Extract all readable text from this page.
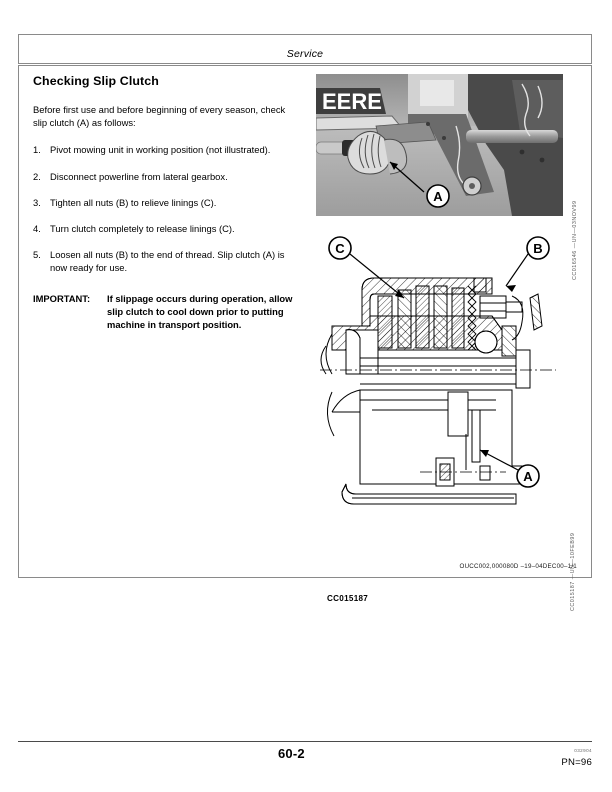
Service
Checking Slip Clutch

Before first use and before beginning of every season, check slip clutch (A) as follows:

1. Pivot mowing unit in working position (not illustrated).
2. Disconnect powerline from lateral gearbox.
3. Tighten all nuts (B) to relieve linings (C).
4. Turn clutch completely to release linings (C).
5. Loosen all nuts (B) to the end of thread. Slip clutch (A) is now ready for use.
IMPORTANT: If slippage occurs during operation, allow slip clutch to cool down prior to putting machine in transport position.
EERE
A
CC016546 —UN—03NOV99
C	B
A
CC015187	CC015187 —UN—10FEB99
OUCC002,000080D –19–04DEC00–1/1
60-2	032904
PN=96
